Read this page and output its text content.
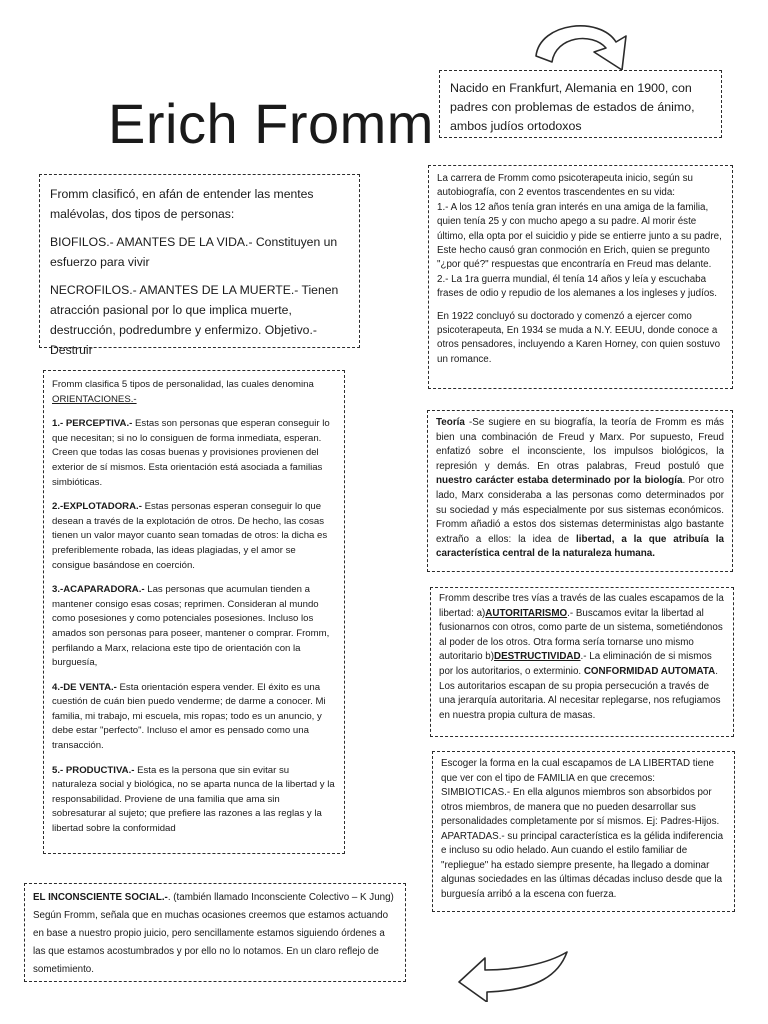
Erich Fromm
Nacido en Frankfurt, Alemania en 1900, con
padres con problemas de estados de ánimo,
ambos judíos ortodoxos

Fromm clasificó, en afán de entender las mentes malévolas, dos tipos de personas:

BIOFILOS.- AMANTES DE LA VIDA.- Constituyen un esfuerzo para vivir

NECROFILOS.- AMANTES DE LA MUERTE.- Tienen atracción pasional por lo que implica muerte, destrucción, podredumbre y enfermizo. Objetivo.- Destruir

La carrera de Fromm como psicoterapeuta inicio, según su autobiografía, con 2 eventos trascendentes en su vida:

1.- A los 12 años tenía gran interés en una amiga de la familia, quien tenía 25 y con mucho apego a su padre. Al morir éste último, ella opta por el suicidio y pide se entierre junto a su padre, Este hecho causó gran conmoción en Erich, quien se pregunto "¿por qué?" respuestas que encontraría en Freud mas delante.

2.- La 1ra guerra mundial, él tenía 14 años y leía y escuchaba frases de odio y repudio de los alemanes a los ingleses y judíos.

En 1922 concluyó su doctorado y comenzó a ejercer como psicoterapeuta, En 1934 se muda a N.Y. EEUU, donde conoce a otros pensadores, incluyendo a Karen Horney, con quien sostuvo un romance.

Fromm clasifica 5 tipos de personalidad, las cuales denomina
ORIENTACIONES.-

1.- PERCEPTIVA.- Estas son personas que esperan conseguir lo que necesitan; si no lo consiguen de forma inmediata, esperan. Creen que todas las cosas buenas y provisiones provienen del exterior de sí mismos. Esta orientación está asociada a familias simbióticas.

2.-EXPLOTADORA.- Estas personas esperan conseguir lo que desean a través de la explotación de otros. De hecho, las cosas tienen un valor mayor cuanto sean tomadas de otros: la dicha es preferiblemente robada, las ideas plagiadas, y el amor se consigue basándose en coerción.

3.-ACAPARADORA.- Las personas que acumulan tienden a mantener consigo esas cosas; reprimen. Consideran al mundo como posesiones y como potenciales posesiones. Incluso los amados son personas para poseer, mantener o comprar. Fromm, perfilando a Marx, relaciona este tipo de orientación con la burguesía,

4.-DE VENTA.- Esta orientación espera vender. El éxito es una cuestión de cuán bien puedo venderme; de darme a conocer. Mi familia, mi trabajo, mi escuela, mis ropas; todo es un anuncio, y debe estar "perfecto". Incluso el amor es pensado como una transacción.

5.- PRODUCTIVA.- Esta es la persona que sin evitar su naturaleza social y biológica, no se aparta nunca de la libertad y la responsabilidad. Proviene de una familia que ama sin sobresaturar al sujeto; que prefiere las razones a las reglas y la libertad sobre la conformidad

Teoría -Se sugiere en su biografía, la teoría de Fromm es más bien una combinación de Freud y Marx. Por supuesto, Freud enfatizó sobre el inconsciente, los impulsos biológicos, la represión y demás. En otras palabras, Freud postuló que nuestro carácter estaba determinado por la biología. Por otro lado, Marx consideraba a las personas como determinados por su sociedad y más especialmente por sus sistemas económicos. Fromm añadió a estos dos sistemas deterministas algo bastante extraño a ellos: la idea de libertad, a la que atribuía la característica central de la naturaleza humana.
Fromm describe tres vías a través de las cuales escapamos de la libertad: a)AUTORITARISMO.- Buscamos evitar la libertad al fusionarnos con otros, como parte de un sistema, sometiéndonos al poder de los otros. Otra forma sería tornarse uno mismo autoritario b)DESTRUCTIVIDAD.- La eliminación de si mismos por los autoritarios, o exterminio. CONFORMIDAD AUTOMATA. Los autoritarios escapan de su propia persecución a través de una jerarquía autoritaria. Al necesitar replegarse, nos refugiamos en nuestra propia cultura de masas.
Escoger la forma en la cual escapamos de LA LIBERTAD tiene que ver con el tipo de FAMILIA en que crecemos: SIMBIOTICAS.- En ella algunos miembros son absorbidos por otros miembros, de manera que no pueden desarrollar sus personalidades completamente por sí mismos. Ej: Padres-Hijos. APARTADAS.- su principal característica es la gélida indiferencia e incluso su odio helado. Aun cuando el estilo familiar de "repliegue" ha estado siempre presente, ha llegado a dominar algunas sociedades en las últimas décadas incluso desde que la burguesía arribó a la escena con fuerza.
EL INCONSCIENTE SOCIAL.-. (también llamado Inconsciente Colectivo – K Jung) Según Fromm, señala que en muchas ocasiones creemos que estamos actuando en base a nuestro propio juicio, pero sencillamente estamos siguiendo órdenes a las que estamos acostumbrados y por ello no lo notamos. En un claro reflejo de sometimiento.
